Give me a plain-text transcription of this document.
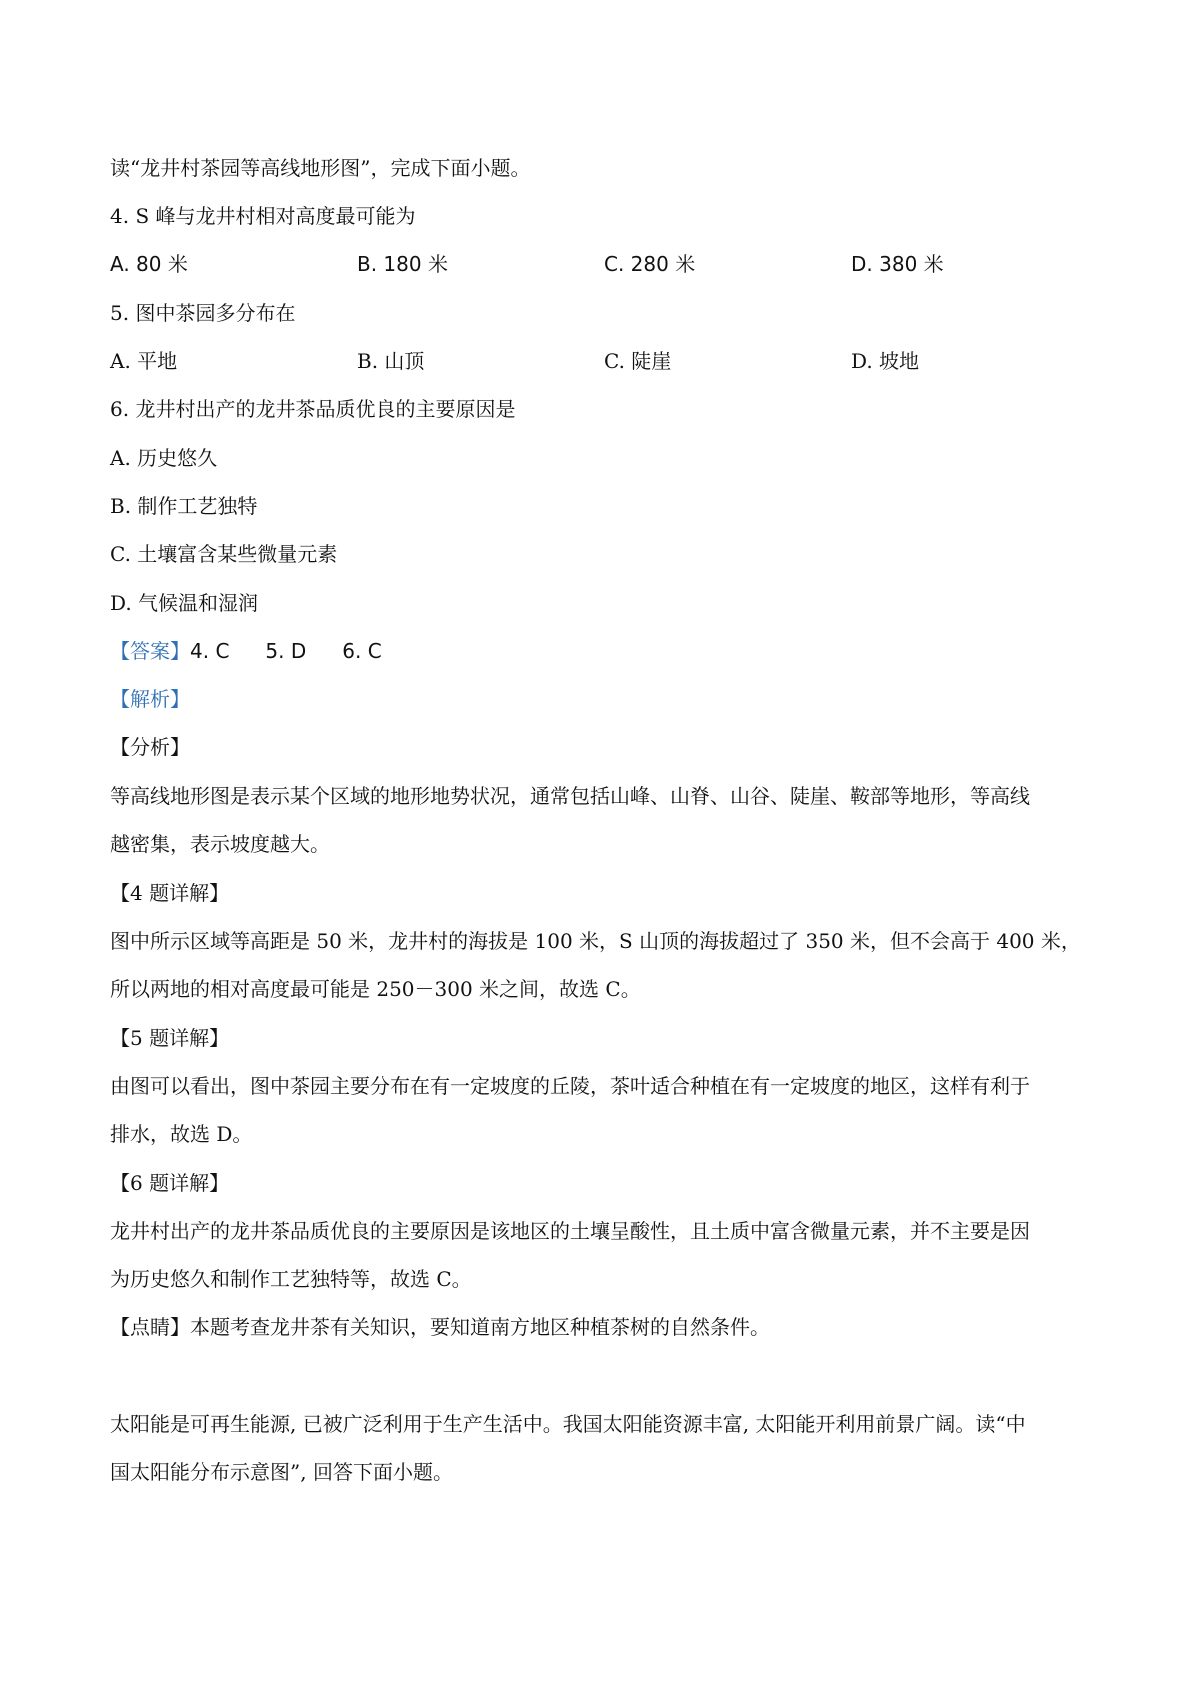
读“龙井村茶园等高线地形图”，完成下面小题。
4. S 峰与龙井村相对高度最可能为
A. 80 米	B. 180 米	C. 280 米	D. 380 米
5. 图中茶园多分布在
A. 平地	B. 山顶	C. 陡崖	D. 坡地
6. 龙井村出产的龙井茶品质优良的主要原因是
A. 历史悠久
B. 制作工艺独特
C. 土壤富含某些微量元素
D. 气候温和湿润
【答案】4. C 5. D 6. C
【解析】
【分析】
等高线地形图是表示某个区域的地形地势状况，通常包括山峰、山脊、山谷、陡崖、鞍部等地形，等高线
越密集，表示坡度越大。
【4 题详解】
图中所示区域等高距是 50 米，龙井村的海拔是 100 米，S 山顶的海拔超过了 350 米，但不会高于 400 米，
所以两地的相对高度最可能是 250－300 米之间，故选 C。
【5 题详解】
由图可以看出，图中茶园主要分布在有一定坡度的丘陵，茶叶适合种植在有一定坡度的地区，这样有利于
排水，故选 D。
【6 题详解】
龙井村出产的龙井茶品质优良的主要原因是该地区的土壤呈酸性，且土质中富含微量元素，并不主要是因
为历史悠久和制作工艺独特等，故选 C。
【点睛】本题考查龙井茶有关知识，要知道南方地区种植茶树的自然条件。
太阳能是可再生能源, 已被广泛利用于生产生活中。我国太阳能资源丰富, 太阳能开利用前景广阔。读“中
国太阳能分布示意图”, 回答下面小题。
